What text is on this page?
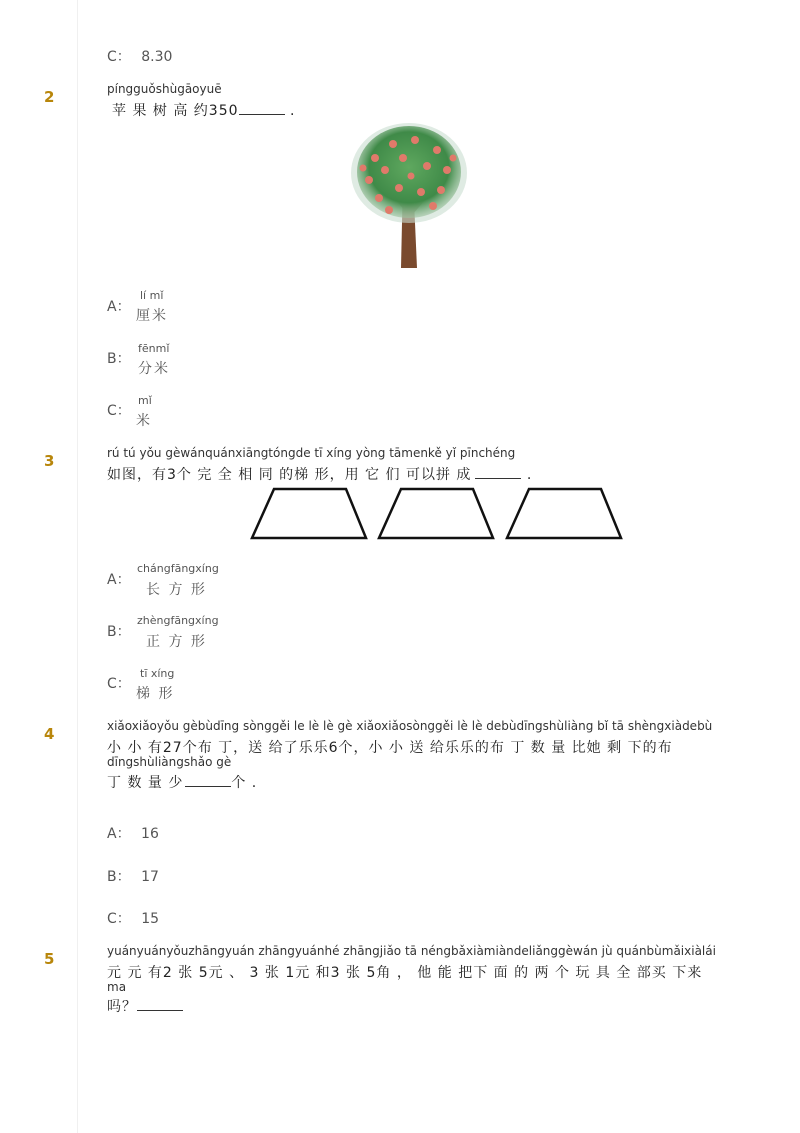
C： 8.30
2	píngguǒshùgāoyuē
苹 果 树 高 约350	.
A：
lí mǐ
厘米
B：
fēnmǐ
分米
C：
mǐ
米
3	rú tú yǒu gèwánquánxiāngtóngde tī xíng yòng tāmenkě yǐ pīnchéng
如图，有3个 完 全 相 同 的梯 形，用 它 们 可以拼 成	.
A：
chángfāngxíng
长 方 形
B：
zhèngfāngxíng
正 方 形
C：
tī xíng
梯 形
4	xiǎoxiǎoyǒu gèbùdīng sònggěi le lè lè gè xiǎoxiǎosònggěi lè lè debùdīngshùliàng bǐ tā shèngxiàdebù
小 小 有27个布 丁，送 给了乐乐6个，小 小 送 给乐乐的布 丁 数 量 比她 剩 下的布
dīngshùliàngshǎo gè
丁 数 量 少	个 .
A： 16
B： 17
C： 15
5	yuányuányǒuzhāngyuán zhāngyuánhé zhāngjiǎo tā néngbǎxiàmiàndeliǎnggèwán jù quánbùmǎixiàlái
元 元 有2 张 5元 、 3 张 1元 和3 张 5角 ， 他 能 把下 面 的 两 个 玩 具 全 部买 下来
ma
吗？
